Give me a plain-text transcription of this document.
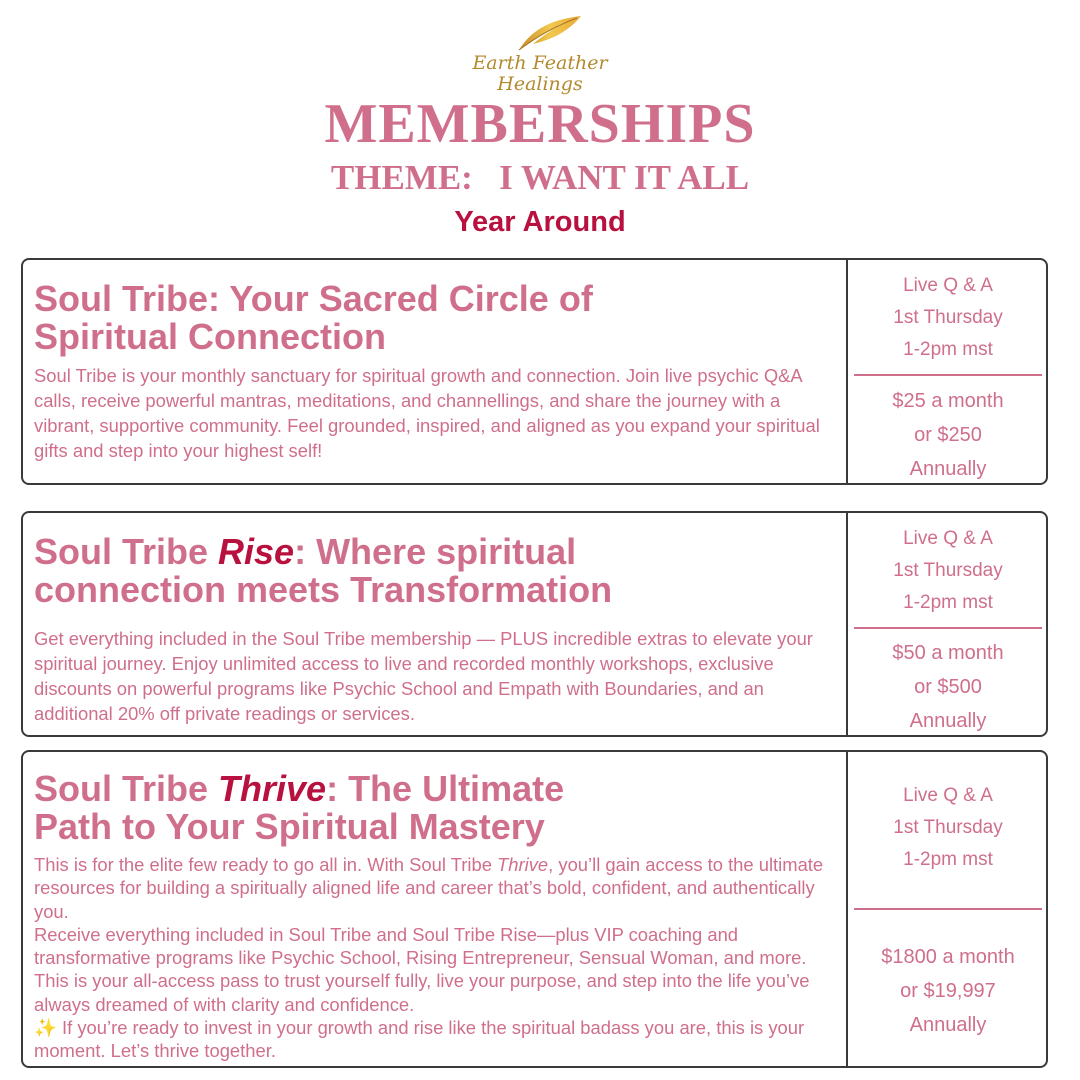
Earth Feather
Healings
MEMBERSHIPS
THEME:   I WANT IT ALL
Year Around
Soul Tribe: Your Sacred Circle of
Spiritual Connection

Soul Tribe is your monthly sanctuary for spiritual growth and connection. Join live psychic Q&A calls, receive powerful mantras, meditations, and channellings, and share the journey with a vibrant, supportive community. Feel grounded, inspired, and aligned as you expand your spiritual gifts and step into your highest self!

Live Q & A
1st Thursday
1-2pm mst
$25 a month
or $250
Annually
Soul Tribe Rise: Where spiritual
connection meets Transformation

Get everything included in the Soul Tribe membership — PLUS incredible extras to elevate your spiritual journey. Enjoy unlimited access to live and recorded monthly workshops, exclusive discounts on powerful programs like Psychic School and Empath with Boundaries, and an additional 20% off private readings or services.

Live Q & A
1st Thursday
1-2pm mst
$50 a month
or $500
Annually
Soul Tribe Thrive: The Ultimate
Path to Your Spiritual Mastery

This is for the elite few ready to go all in. With Soul Tribe Thrive, you’ll gain access to the ultimate resources for building a spiritually aligned life and career that’s bold, confident, and authentically you.
Receive everything included in Soul Tribe and Soul Tribe Rise—plus VIP coaching and transformative programs like Psychic School, Rising Entrepreneur, Sensual Woman, and more. This is your all-access pass to trust yourself fully, live your purpose, and step into the life you’ve always dreamed of with clarity and confidence.
✨ If you’re ready to invest in your growth and rise like the spiritual badass you are, this is your moment. Let’s thrive together.

Live Q & A
1st Thursday
1-2pm mst
$1800 a month
or $19,997
Annually
